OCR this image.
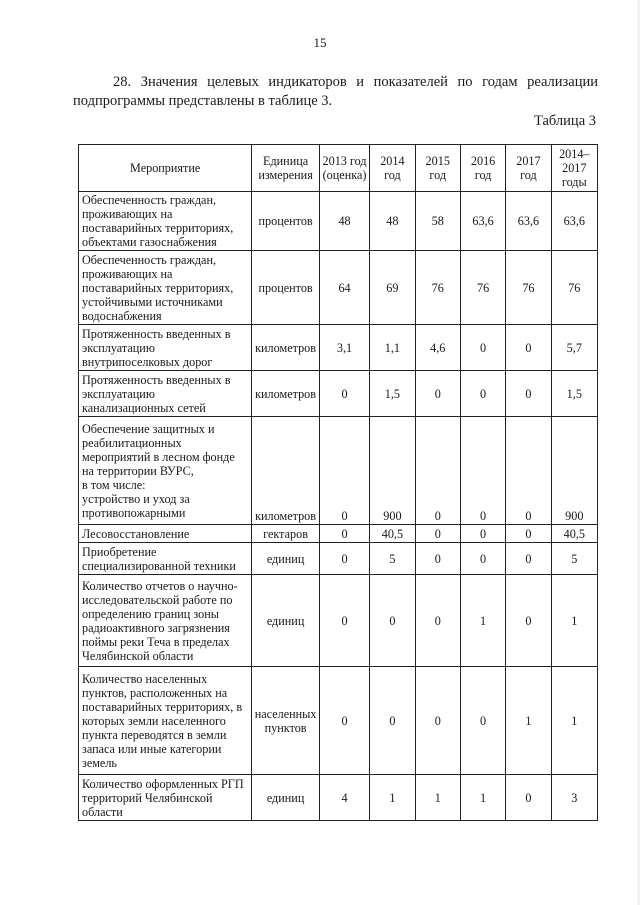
15

28. Значения целевых индикаторов и показателей по годам реализации подпрограммы представлены в таблице 3.

Таблица 3
Мероприятие	Единица измерения	2013 год (оценка)	2014 год	2015 год	2016 год	2017 год	2014– 2017 годы
Обеспеченность граждан, проживающих на поставарийных территориях, объектами газоснабжения	процентов	48	48	58	63,6	63,6	63,6
Обеспеченность граждан, проживающих на поставарийных территориях, устойчивыми источниками водоснабжения	процентов	64	69	76	76	76	76
Протяженность введенных в эксплуатацию внутрипоселковых дорог	километров	3,1	1,1	4,6	0	0	5,7
Протяженность введенных в эксплуатацию канализационных сетей	километров	0	1,5	0	0	0	1,5

Обеспечение защитных и реабилитационных мероприятий в лесном фонде на территории ВУРС,
в том числе:
устройство и уход за противопожарными	километров	0	900	0	0	0	900
Лесовосстановление	гектаров	0	40,5	0	0	0	40,5
Приобретение специализированной техники	единиц	0	5	0	0	0	5
Количество отчетов о научно-исследовательской работе по определению границ зоны радиоактивного загрязнения поймы реки Теча в пределах Челябинской области	единиц	0	0	0	1	0	1
Количество населенных пунктов, расположенных на поставарийных территориях, в которых земли населенного пункта переводятся в земли запаса или иные категории земель	населенных пунктов	0	0	0	0	1	1
Количество оформленных РГП территорий Челябинской области	единиц	4	1	1	1	0	3
